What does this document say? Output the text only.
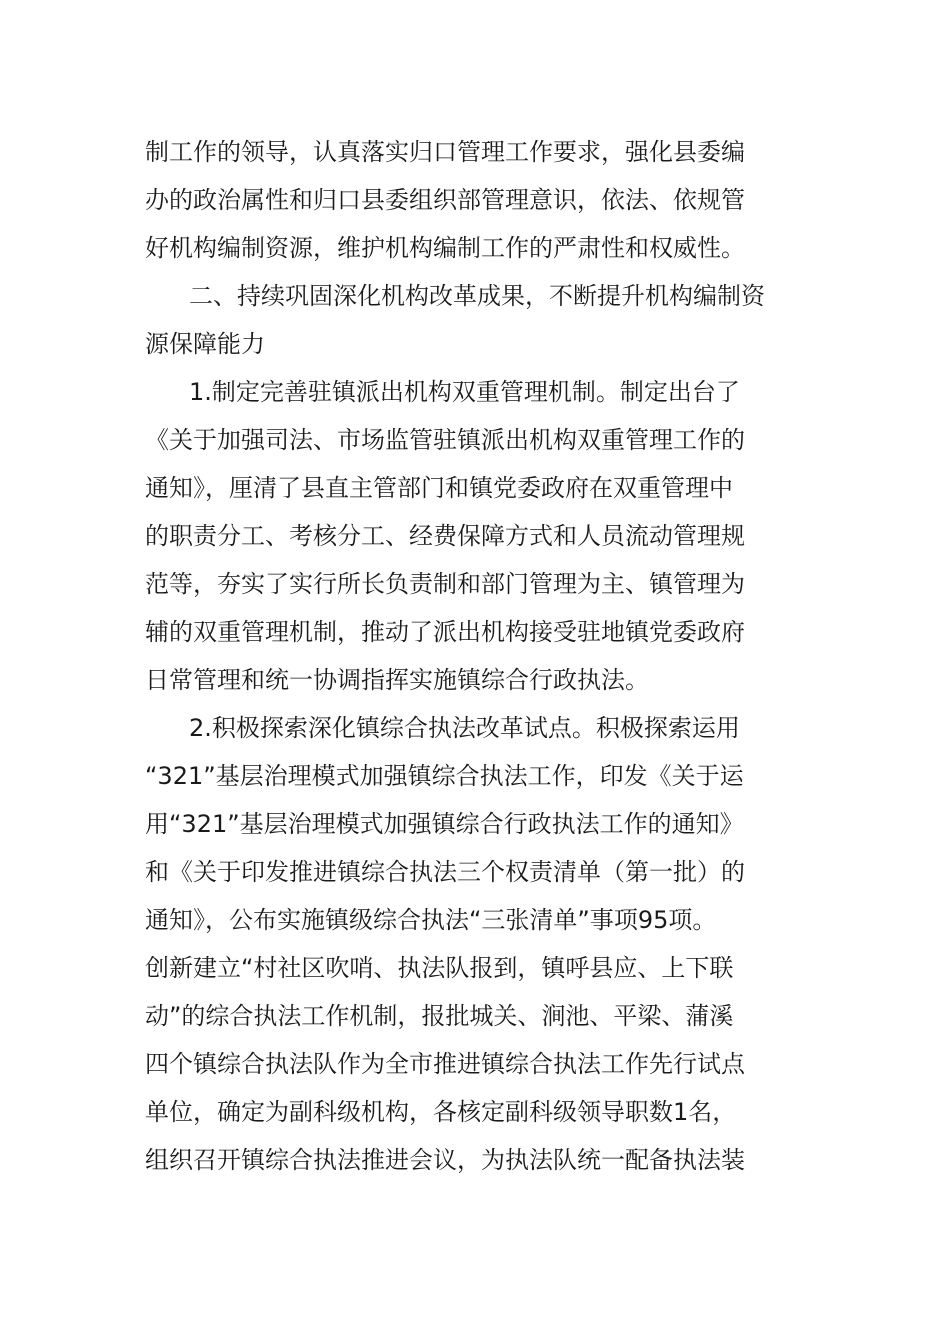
制工作的领导，认真落实归口管理工作要求，强化县委编
办的政治属性和归口县委组织部管理意识，依法、依规管
好机构编制资源，维护机构编制工作的严肃性和权威性。
二、持续巩固深化机构改革成果，不断提升机构编制资
源保障能力
1.制定完善驻镇派出机构双重管理机制。制定出台了
《关于加强司法、市场监管驻镇派出机构双重管理工作的
通知》，厘清了县直主管部门和镇党委政府在双重管理中
的职责分工、考核分工、经费保障方式和人员流动管理规
范等，夯实了实行所长负责制和部门管理为主、镇管理为
辅的双重管理机制，推动了派出机构接受驻地镇党委政府
日常管理和统一协调指挥实施镇综合行政执法。
2.积极探索深化镇综合执法改革试点。积极探索运用
“321”基层治理模式加强镇综合执法工作，印发《关于运
用“321”基层治理模式加强镇综合行政执法工作的通知》
和《关于印发推进镇综合执法三个权责清单（第一批）的
通知》，公布实施镇级综合执法“三张清单”事项95项。
创新建立“村社区吹哨、执法队报到，镇呼县应、上下联
动”的综合执法工作机制，报批城关、涧池、平梁、蒲溪
四个镇综合执法队作为全市推进镇综合执法工作先行试点
单位，确定为副科级机构，各核定副科级领导职数1名，
组织召开镇综合执法推进会议，为执法队统一配备执法装
